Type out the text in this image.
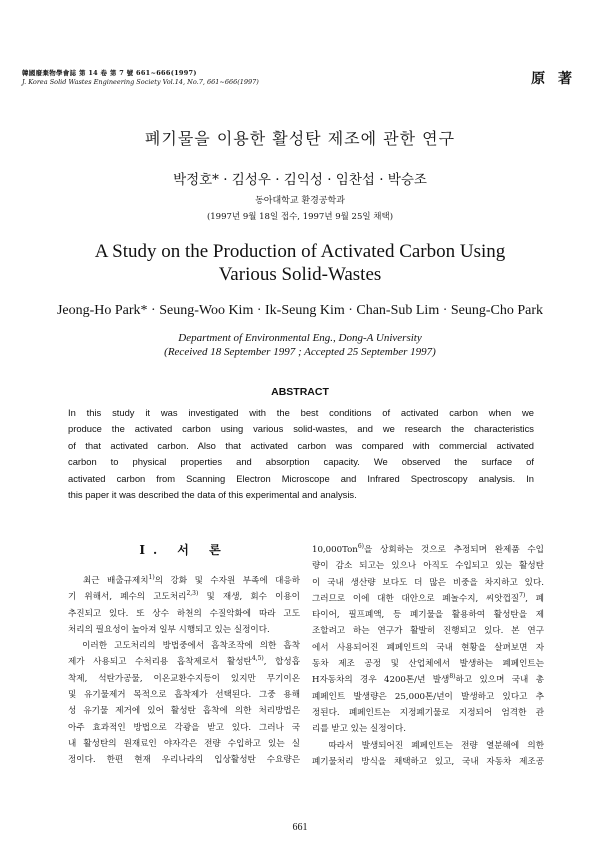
韓國廢棄物學會誌 第 14 卷 第 7 號 661~666(1997)
J. Korea Solid Wastes Engineering Society Vol.14, No.7, 661~666(1997)	原 著
폐기물을 이용한 활성탄 제조에 관한 연구
박정호* · 김성우 · 김익성 · 임찬섭 · 박승조
동아대학교 환경공학과
(1997년 9월 18일 접수, 1997년 9월 25일 채택)
A Study on the Production of Activated Carbon Using
Various Solid-Wastes
Jeong-Ho Park* · Seung-Woo Kim · Ik-Seung Kim · Chan-Sub Lim · Seung-Cho Park
Department of Environmental Eng., Dong-A University
(Received 18 September 1997 ; Accepted 25 September 1997)
ABSTRACT
In this study it was investigated with the best conditions of activated carbon when we
produce the activated carbon using various solid-wastes, and we research the characteristics
of that activated carbon. Also that activated carbon was compared with commercial activated
carbon to physical properties and absorption capacity. We observed the surface of
activated carbon from Scanning Electron Microscope and Infrared Spectroscopy analysis. In
this paper it was described the data of this experimental and analysis.
Ⅰ. 서 론
최근 배출규제치$^{1)}$의 강화 및 수자원 부족에 대응하
기 위해서, 폐수의 고도처리$^{2,3)}$ 및 재생, 회수 이용이
추진되고 있다. 또 상수 하천의 수질악화에 따라 고도
처리의 필요성이 높아져 일부 시행되고 있는 실정이다.
이러한 고도처리의 방법중에서 흡착조작에 의한 흡착
제가 사용되고 수처리용 흡착제로서 활성탄$^{4,5)}$, 합성흡
착제, 석탄가공물, 이온교환수지등이 있지만 무기이온
및 유기물제거 목적으로 흡착제가 선택된다. 그중 용해
성 유기물 제거에 있어 활성탄 흡착에 의한 처리방법은
아주 효과적인 방법으로 각광을 받고 있다. 그러나 국
내 활성탄의 원재료인 야자각은 전량 수입하고 있는 실
정이다. 한편 현재 우리나라의 입상활성탄 수요량은
10,000Ton$^{6)}$을 상회하는 것으로 추정되며 완제품 수입
량이 감소 되고는 있으나 아직도 수입되고 있는 활성탄
이 국내 생산량 보다도 더 많은 비중을 차지하고 있다.
그러므로 이에 대한 대안으로 폐놀수지, 씨앗껍질$^{7)}$, 폐
타이어, 필프폐액, 등 폐기물을 활용하여 활성탄을 제
조할려고 하는 연구가 활발히 진행되고 있다. 본 연구
에서 사용되어진 폐페인트의 국내 현황을 살펴보면 자
동차 제조 공정 및 산업체에서 발생하는 폐페인트는
H자동차의 경우 4200톤/년 발생$^{8)}$하고 있으며 국내 총
폐페인트 발생량은 25,000톤/년이 발생하고 있다고 추
정된다. 폐페인트는 지정폐기물로 지정되어 엄격한 관
리를 받고 있는 실정이다.
따라서 발생되어진 폐페인트는 전량 열분해에 의한
폐기물처리 방식을 채택하고 있고, 국내 자동차 제조공
661
